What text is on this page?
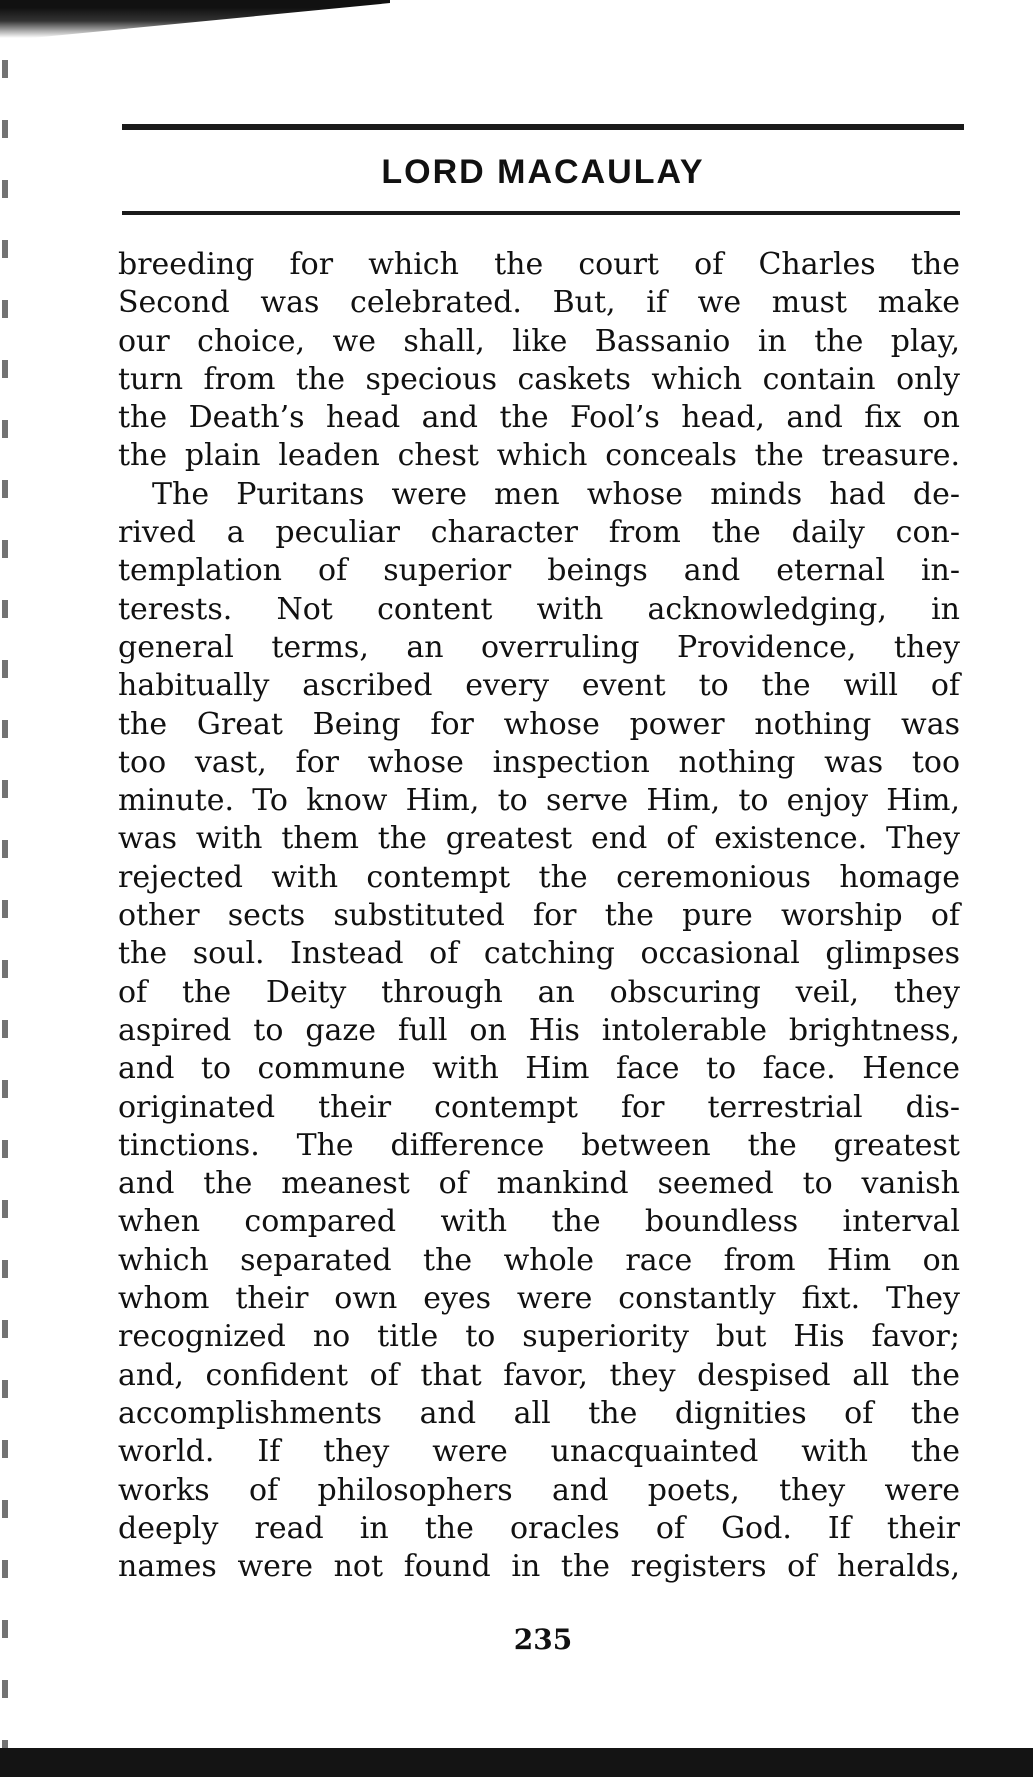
LORD MACAULAY
breeding for which the court of Charles the
Second was celebrated. But, if we must make
our choice, we shall, like Bassanio in the play,
turn from the specious caskets which contain only
the Death’s head and the Fool’s head, and fix on
the plain leaden chest which conceals the treasure.
The Puritans were men whose minds had de-
rived a peculiar character from the daily con-
templation of superior beings and eternal in-
terests. Not content with acknowledging, in
general terms, an overruling Providence, they
habitually ascribed every event to the will of
the Great Being for whose power nothing was
too vast, for whose inspection nothing was too
minute. To know Him, to serve Him, to enjoy Him,
was with them the greatest end of existence. They
rejected with contempt the ceremonious homage
other sects substituted for the pure worship of
the soul. Instead of catching occasional glimpses
of the Deity through an obscuring veil, they
aspired to gaze full on His intolerable brightness,
and to commune with Him face to face. Hence
originated their contempt for terrestrial dis-
tinctions. The difference between the greatest
and the meanest of mankind seemed to vanish
when compared with the boundless interval
which separated the whole race from Him on
whom their own eyes were constantly fixt. They
recognized no title to superiority but His favor;
and, confident of that favor, they despised all the
accomplishments and all the dignities of the
world. If they were unacquainted with the
works of philosophers and poets, they were
deeply read in the oracles of God. If their
names were not found in the registers of heralds,
235
